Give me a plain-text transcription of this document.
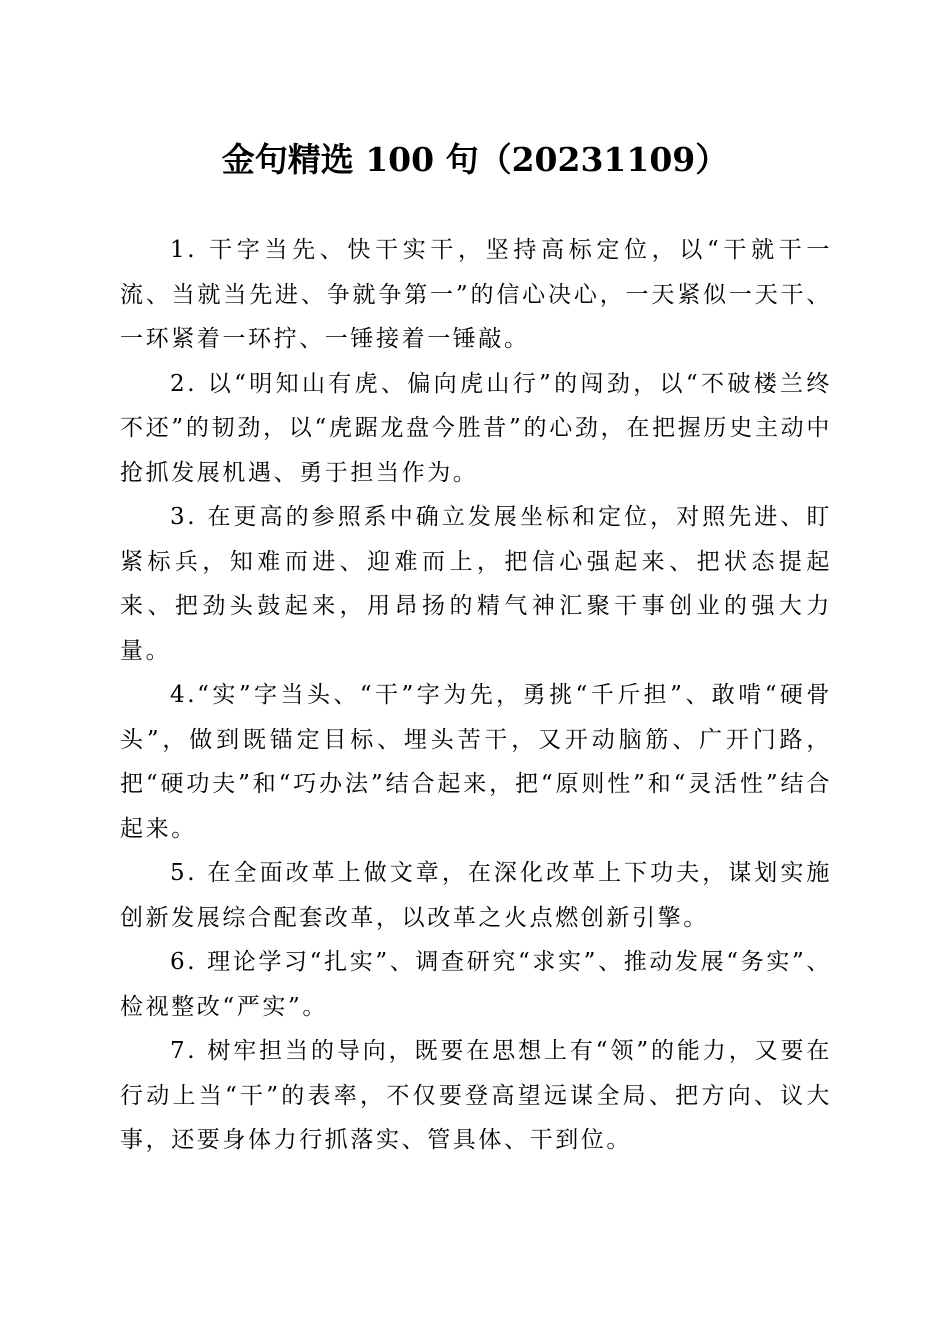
金句精选 100 句（20231109）

1. 干字当先、快干实干，坚持高标定位，以“干就干一流、当就当先进、争就争第一”的信心决心，一天紧似一天干、一环紧着一环拧、一锤接着一锤敲。

2. 以“明知山有虎、偏向虎山行”的闯劲，以“不破楼兰终不还”的韧劲，以“虎踞龙盘今胜昔”的心劲，在把握历史主动中抢抓发展机遇、勇于担当作为。

3. 在更高的参照系中确立发展坐标和定位，对照先进、盯紧标兵，知难而进、迎难而上，把信心强起来、把状态提起来、把劲头鼓起来，用昂扬的精气神汇聚干事创业的强大力量。

4.“实”字当头、“干”字为先，勇挑“千斤担”、敢啃“硬骨头”，做到既锚定目标、埋头苦干，又开动脑筋、广开门路，把“硬功夫”和“巧办法”结合起来，把“原则性”和“灵活性”结合起来。

5. 在全面改革上做文章，在深化改革上下功夫，谋划实施创新发展综合配套改革，以改革之火点燃创新引擎。

6. 理论学习“扎实”、调查研究“求实”、推动发展“务实”、检视整改“严实”。

7. 树牢担当的导向，既要在思想上有“领”的能力，又要在行动上当“干”的表率，不仅要登高望远谋全局、把方向、议大事，还要身体力行抓落实、管具体、干到位。
